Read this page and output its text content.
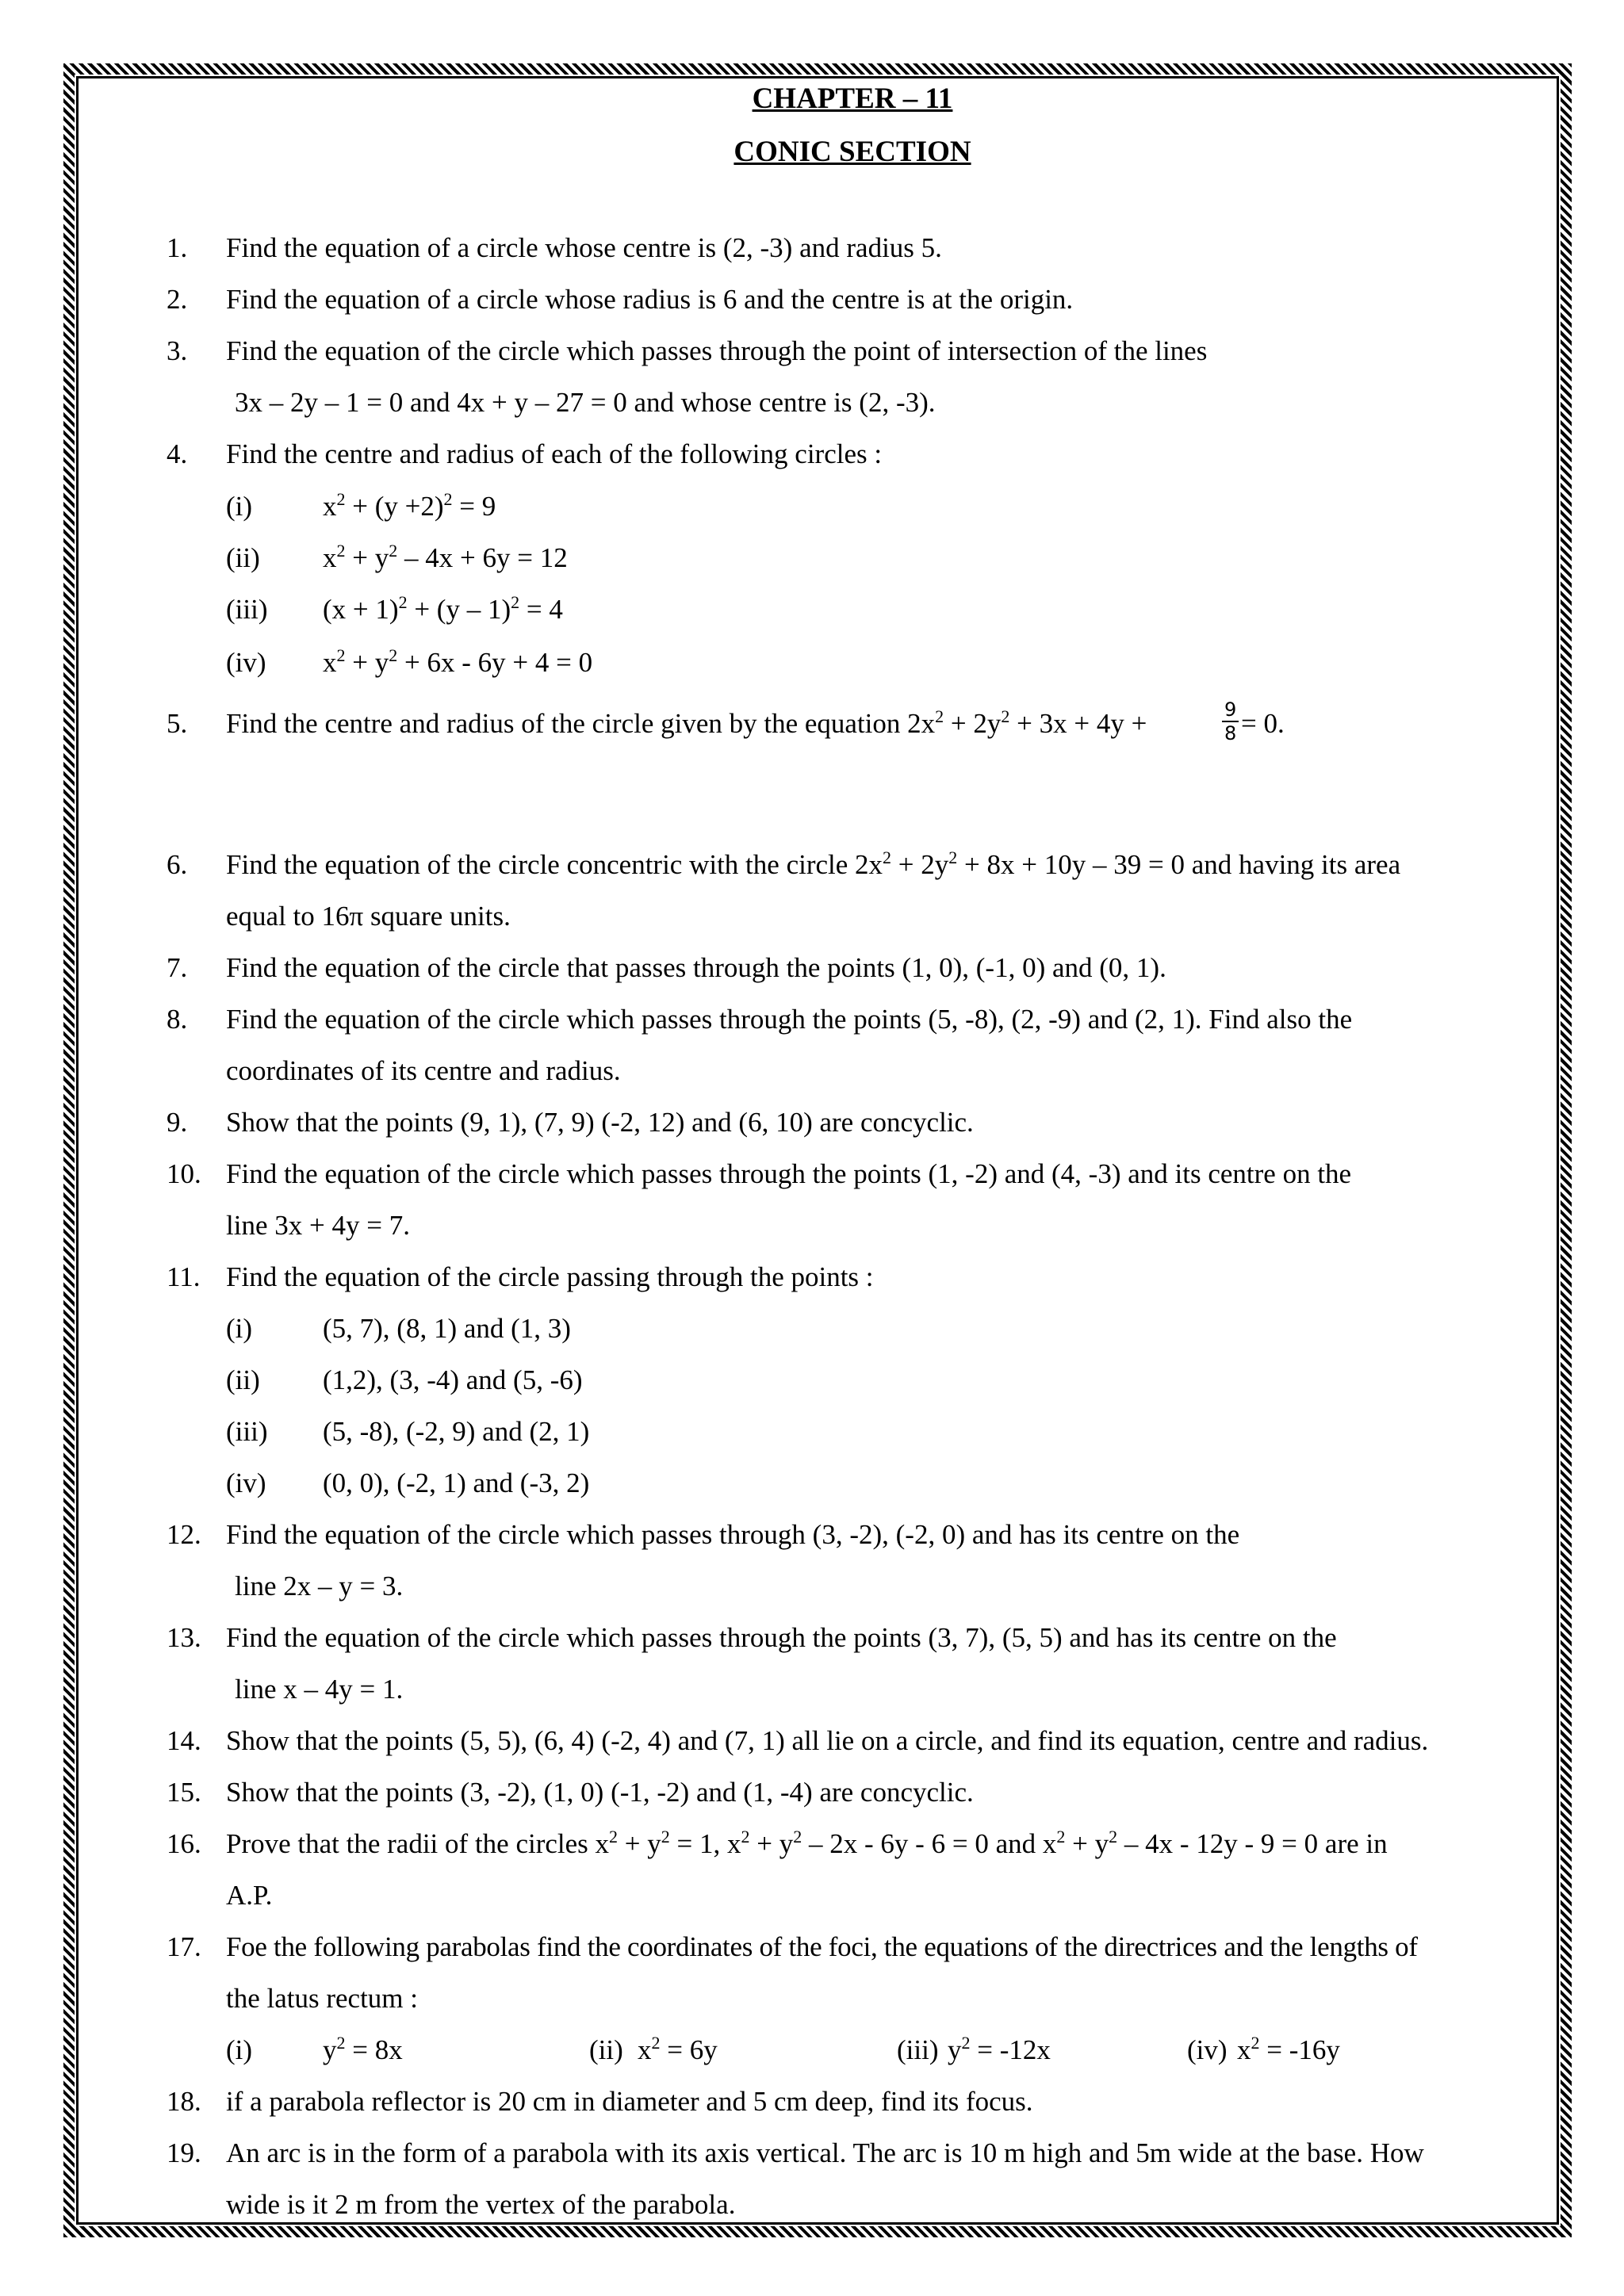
CHAPTER – 11
CONIC SECTION
1.	Find the equation of a circle whose centre is (2, -3) and radius 5.
2.	Find the equation of a circle whose radius is 6 and the centre is at the origin.
3.	Find the equation of the circle which passes through the point of intersection of the lines
3x – 2y – 1 = 0 and 4x + y – 27 = 0 and whose centre is (2, -3).
4.	Find the centre and radius of each of the following circles :
(i)	$x^2 + (y +2)^2 = 9$
(ii) $x^2 + y^2 - 4x + 6y = 12$
(iii) $(x + 1)^2 + (y - 1)^2 = 4$
(iv) $x^2 + y^2 + 6x - 6y + 4 = 0$
5.	Find the centre and radius of the circle given by the equation $2x^2 + 2y^2 + 3x + 4y$ +	$\frac{9}{8} = 0$.
6.	Find the equation of the circle concentric with the circle $2x^2 + 2y^2 + 8x + 10y - 39 = 0$ and having its area
equal to 16π square units.
7.	Find the equation of the circle that passes through the points (1, 0), (-1, 0) and (0, 1).
8.	Find the equation of the circle which passes through the points (5, -8), (2, -9) and (2, 1). Find also the
coordinates of its centre and radius.
9.	Show that the points (9, 1), (7, 9) (-2, 12) and (6, 10) are concyclic.
10. Find the equation of the circle which passes through the points (1, -2) and (4, -3) and its centre on the
line 3x + 4y = 7.
11. Find the equation of the circle passing through the points :
(i)	(5, 7), (8, 1) and (1, 3)
(ii) (1,2), (3, -4) and (5, -6)
(iii) (5, -8), (-2, 9) and (2, 1)
(iv) (0, 0), (-2, 1) and (-3, 2)
12. Find the equation of the circle which passes through (3, -2), (-2, 0) and has its centre on the
line 2x – y = 3.
13. Find the equation of the circle which passes through the points (3, 7), (5, 5) and has its centre on the
line x – 4y = 1.
14. Show that the points (5, 5), (6, 4) (-2, 4) and (7, 1) all lie on a circle, and find its equation, centre and radius.
15. Show that the points (3, -2), (1, 0) (-1, -2) and (1, -4) are concyclic.
16. Prove that the radii of the circles $x^2 + y^2 = 1$, $x^2 + y^2 - 2x - 6y - 6 = 0$ and $x^2 + y^2 - 4x - 12y - 9 = 0$ are in
A.P.
17. Foe the following parabolas find the coordinates of the foci, the equations of the directrices and the lengths of
the latus rectum :
(i)	$y^2 = 8x$	(ii) $x^2 = 6y$	(iii) $y^2 = -12x$	(iv) $x^2 = -16y$
18. if a parabola reflector is 20 cm in diameter and 5 cm deep, find its focus.
19. An arc is in the form of a parabola with its axis vertical. The arc is 10 m high and 5m wide at the base. How
wide is it 2 m from the vertex of the parabola.
